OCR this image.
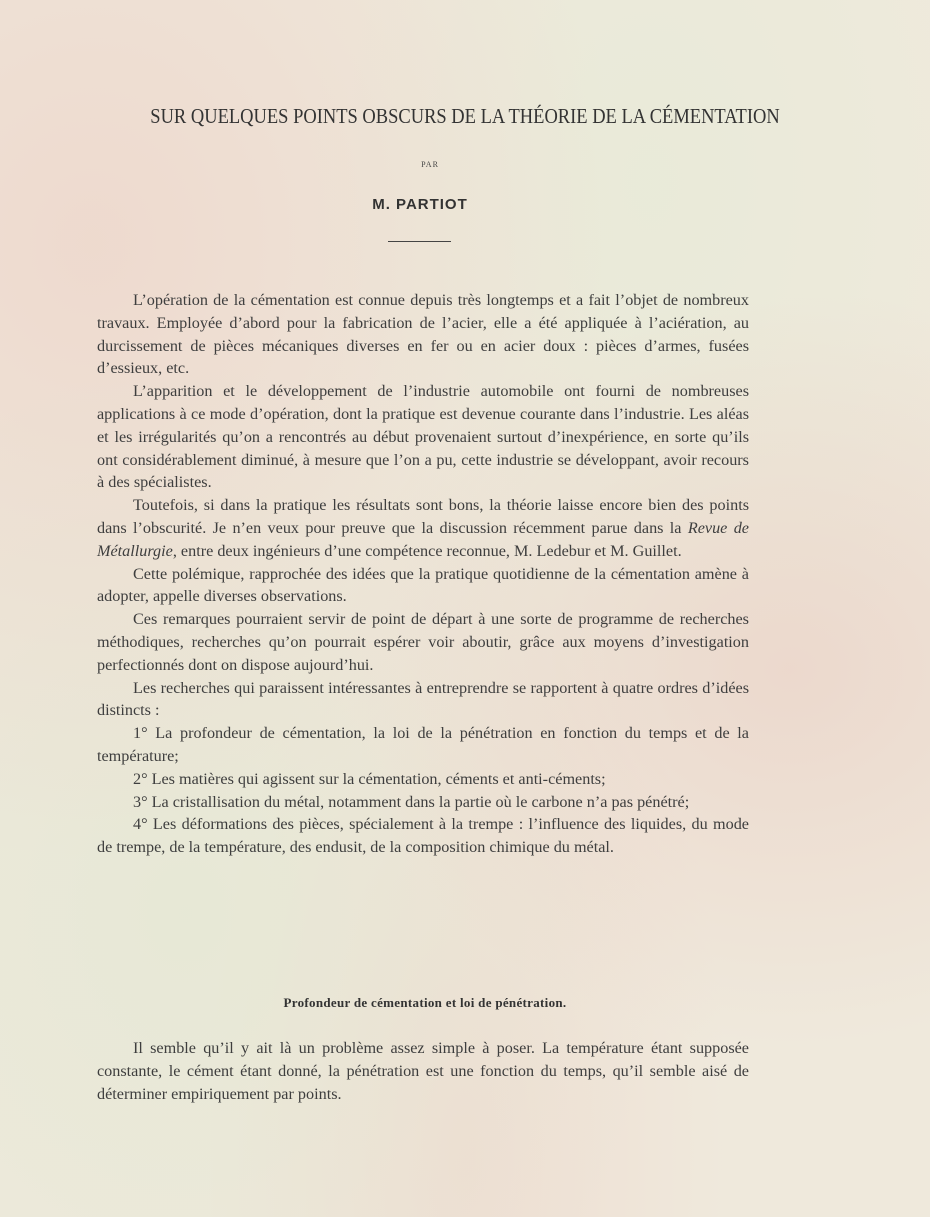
SUR QUELQUES POINTS OBSCURS DE LA THÉORIE DE LA CÉMENTATION
PAR
M. PARTIOT

L’opération de la cémentation est connue depuis très longtemps et a fait l’objet de nombreux travaux. Employée d’abord pour la fabrication de l’acier, elle a été appliquée à l’aciération, au durcissement de pièces mécaniques diverses en fer ou en acier doux : pièces d’armes, fusées d’essieux, etc.

L’apparition et le développement de l’industrie automobile ont fourni de nombreuses applications à ce mode d’opération, dont la pratique est devenue courante dans l’industrie. Les aléas et les irrégularités qu’on a rencontrés au début provenaient surtout d’inexpérience, en sorte qu’ils ont considérablement diminué, à mesure que l’on a pu, cette industrie se développant, avoir recours à des spécialistes.

Toutefois, si dans la pratique les résultats sont bons, la théorie laisse encore bien des points dans l’obscurité. Je n’en veux pour preuve que la discussion récemment parue dans la Revue de Métallurgie, entre deux ingénieurs d’une compétence reconnue, M. Ledebur et M. Guillet.

Cette polémique, rapprochée des idées que la pratique quotidienne de la cémentation amène à adopter, appelle diverses observations.

Ces remarques pourraient servir de point de départ à une sorte de programme de recherches méthodiques, recherches qu’on pourrait espérer voir aboutir, grâce aux moyens d’investigation perfectionnés dont on dispose aujourd’hui.

Les recherches qui paraissent intéressantes à entreprendre se rapportent à quatre ordres d’idées distincts :

1° La profondeur de cémentation, la loi de la pénétration en fonction du temps et de la température;

2° Les matières qui agissent sur la cémentation, céments et anti-céments;

3° La cristallisation du métal, notamment dans la partie où le carbone n’a pas pénétré;

4° Les déformations des pièces, spécialement à la trempe : l’influence des liquides, du mode de trempe, de la température, des endusit, de la composition chimique du métal.

Profondeur de cémentation et loi de pénétration.

Il semble qu’il y ait là un problème assez simple à poser. La température étant supposée constante, le cément étant donné, la pénétration est une fonction du temps, qu’il semble aisé de déterminer empiriquement par points.
